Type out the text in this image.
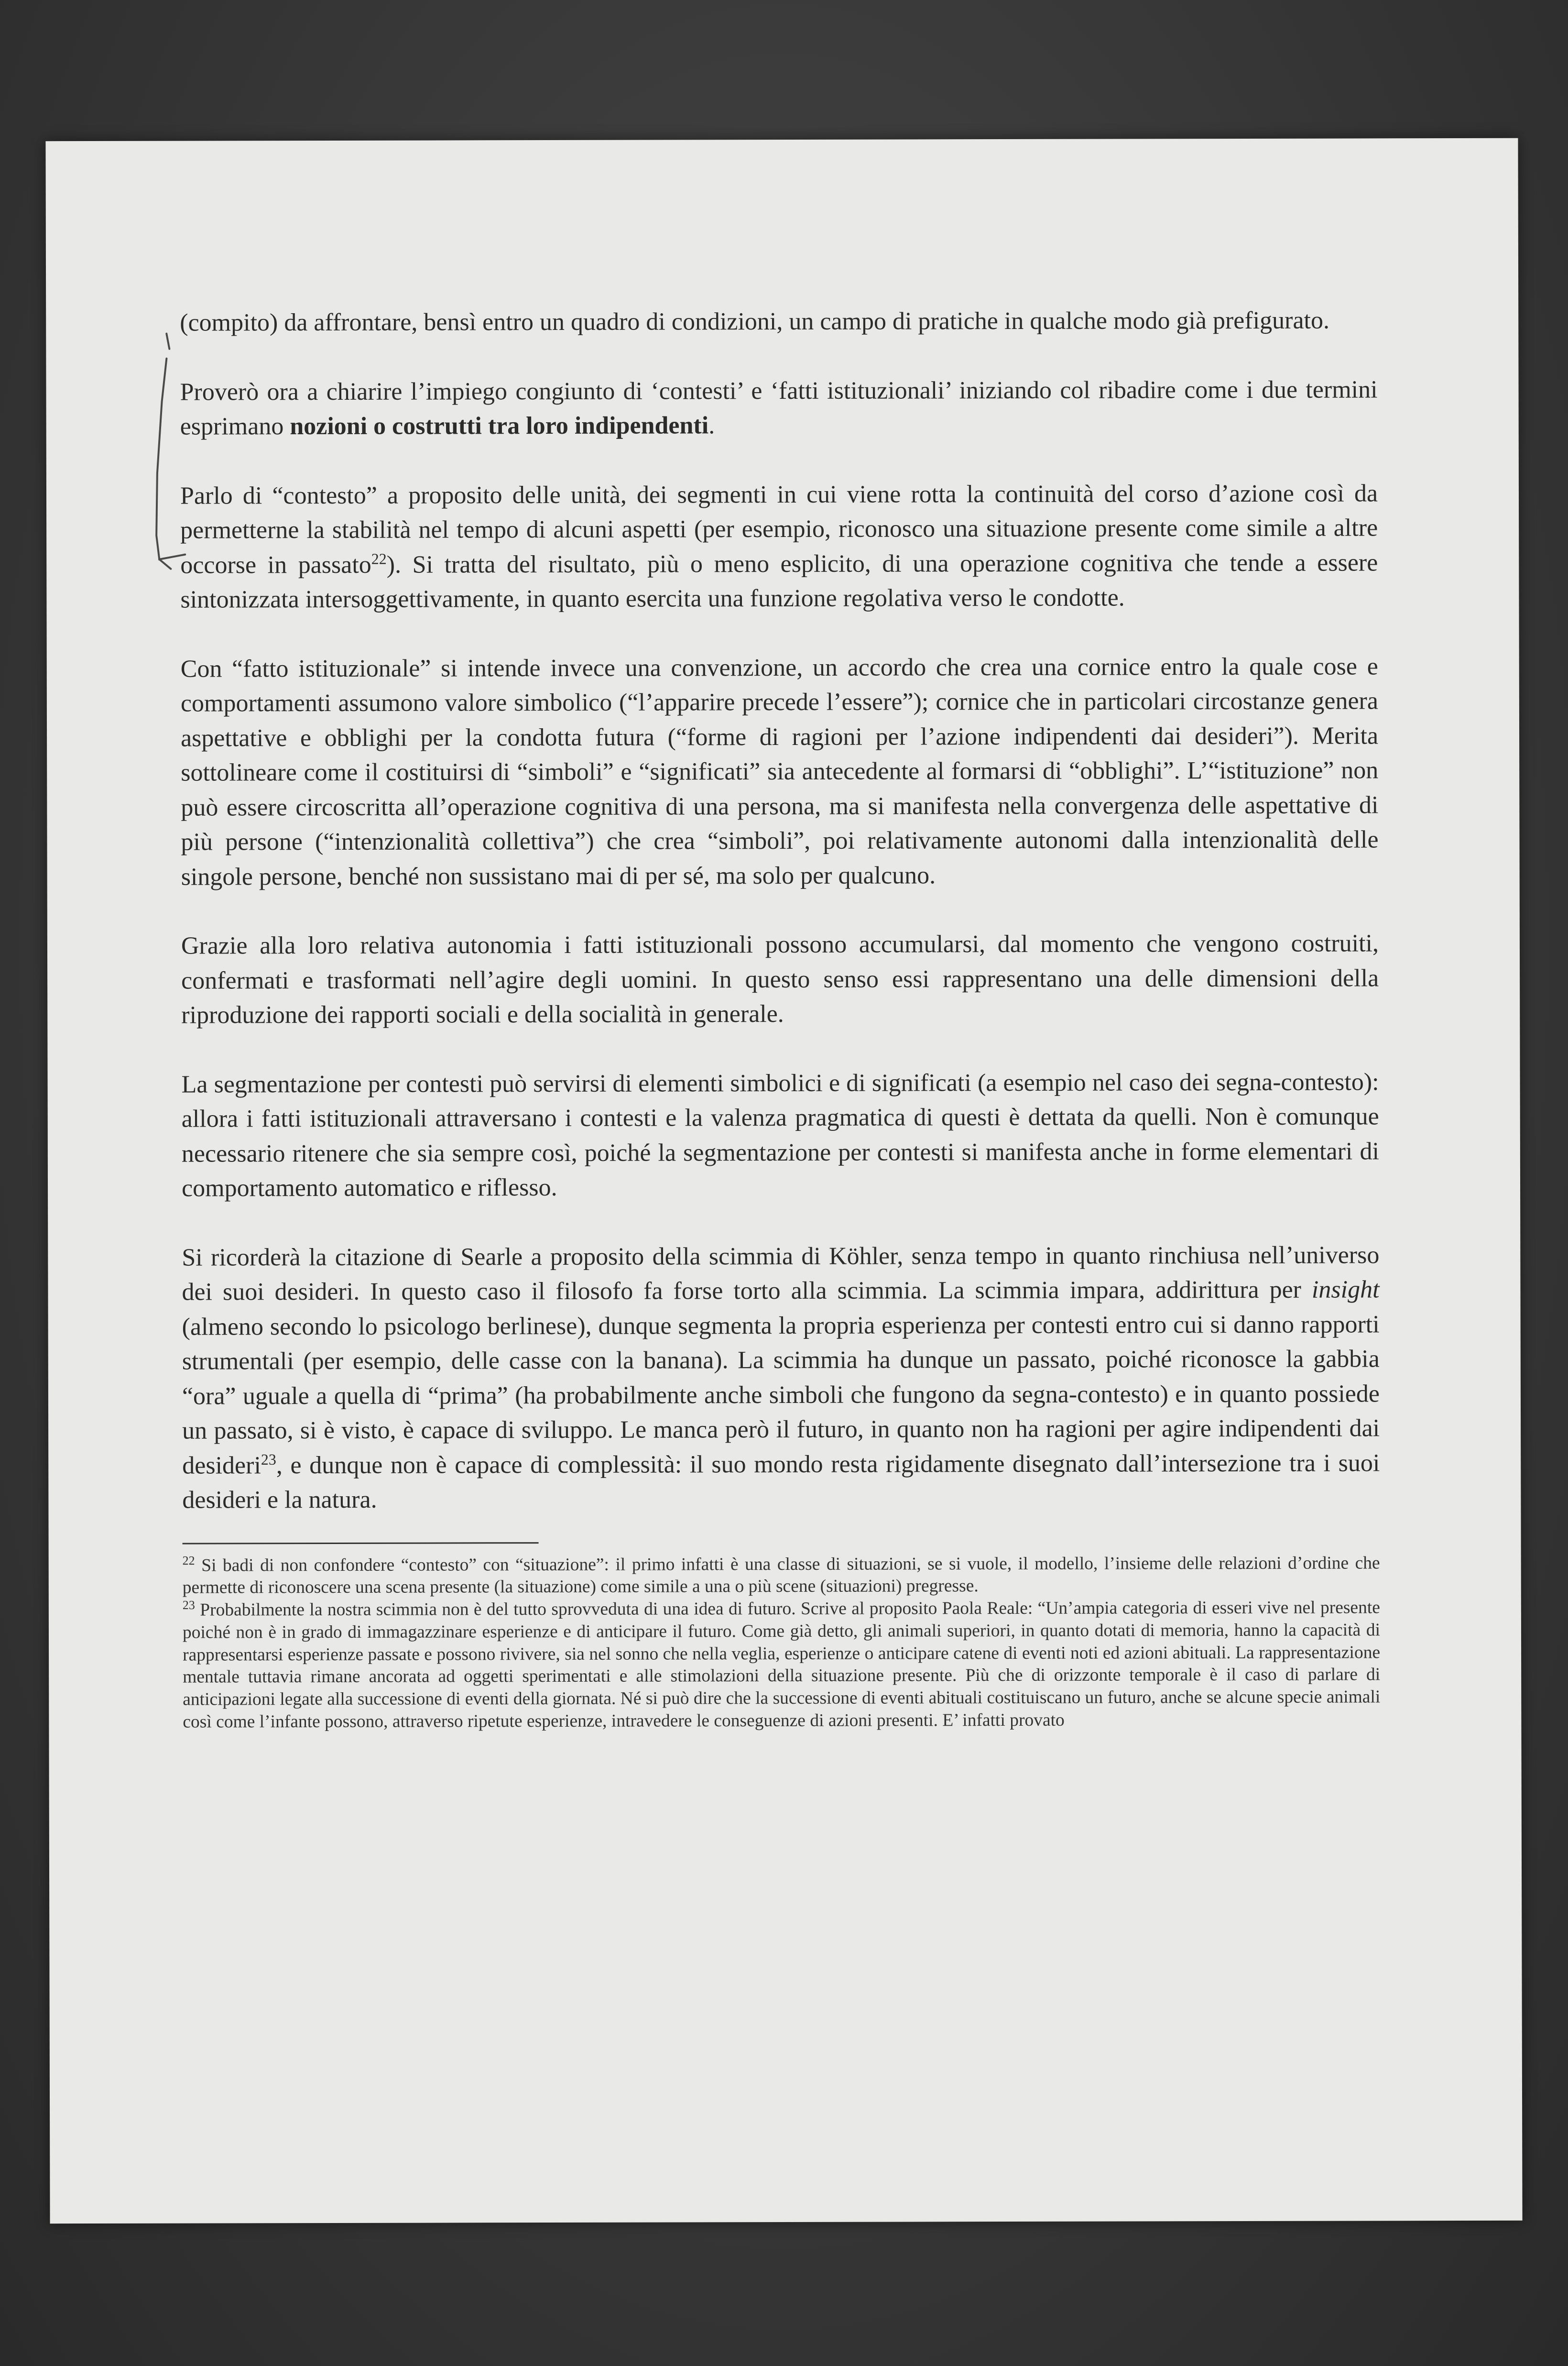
(compito) da affrontare, bensì entro un quadro di condizioni, un campo di pratiche in qualche modo già prefigurato.

Proverò ora a chiarire l’impiego congiunto di ‘contesti’ e ‘fatti istituzionali’ iniziando col ribadire come i due termini esprimano nozioni o costrutti tra loro indipendenti.

Parlo di “contesto” a proposito delle unità, dei segmenti in cui viene rotta la continuità del corso d’azione così da permetterne la stabilità nel tempo di alcuni aspetti (per esempio, riconosco una situazione presente come simile a altre occorse in passato$^{22}$). Si tratta del risultato, più o meno esplicito, di una operazione cognitiva che tende a essere sintonizzata intersoggettivamente, in quanto esercita una funzione regolativa verso le condotte.

Con “fatto istituzionale” si intende invece una convenzione, un accordo che crea una cornice entro la quale cose e comportamenti assumono valore simbolico (“l’apparire precede l’essere”); cornice che in particolari circostanze genera aspettative e obblighi per la condotta futura (“forme di ragioni per l’azione indipendenti dai desideri”). Merita sottolineare come il costituirsi di “simboli” e “significati” sia antecedente al formarsi di “obblighi”. L’“istituzione” non può essere circoscritta all’operazione cognitiva di una persona, ma si manifesta nella convergenza delle aspettative di più persone (“intenzionalità collettiva”) che crea “simboli”, poi relativamente autonomi dalla intenzionalità delle singole persone, benché non sussistano mai di per sé, ma solo per qualcuno.

Grazie alla loro relativa autonomia i fatti istituzionali possono accumularsi, dal momento che vengono costruiti, confermati e trasformati nell’agire degli uomini. In questo senso essi rappresentano una delle dimensioni della riproduzione dei rapporti sociali e della socialità in generale.

La segmentazione per contesti può servirsi di elementi simbolici e di significati (a esempio nel caso dei segna-contesto): allora i fatti istituzionali attraversano i contesti e la valenza pragmatica di questi è dettata da quelli. Non è comunque necessario ritenere che sia sempre così, poiché la segmentazione per contesti si manifesta anche in forme elementari di comportamento automatico e riflesso.

Si ricorderà la citazione di Searle a proposito della scimmia di Köhler, senza tempo in quanto rinchiusa nell’universo dei suoi desideri. In questo caso il filosofo fa forse torto alla scimmia. La scimmia impara, addirittura per insight (almeno secondo lo psicologo berlinese), dunque segmenta la propria esperienza per contesti entro cui si danno rapporti strumentali (per esempio, delle casse con la banana). La scimmia ha dunque un passato, poiché riconosce la gabbia “ora” uguale a quella di “prima” (ha probabilmente anche simboli che fungono da segna-contesto) e in quanto possiede un passato, si è visto, è capace di sviluppo. Le manca però il futuro, in quanto non ha ragioni per agire indipendenti dai desideri$^{23}$, e dunque non è capace di complessità: il suo mondo resta rigidamente disegnato dall’intersezione tra i suoi desideri e la natura.

$^{22}$ Si badi di non confondere “contesto” con “situazione”: il primo infatti è una classe di situazioni, se si vuole, il modello, l’insieme delle relazioni d’ordine che permette di riconoscere una scena presente (la situazione) come simile a una o più scene (situazioni) pregresse.

$^{23}$ Probabilmente la nostra scimmia non è del tutto sprovveduta di una idea di futuro. Scrive al proposito Paola Reale: “Un’ampia categoria di esseri vive nel presente poiché non è in grado di immagazzinare esperienze e di anticipare il futuro. Come già detto, gli animali superiori, in quanto dotati di memoria, hanno la capacità di rappresentarsi esperienze passate e possono rivivere, sia nel sonno che nella veglia, esperienze o anticipare catene di eventi noti ed azioni abituali. La rappresentazione mentale tuttavia rimane ancorata ad oggetti sperimentati e alle stimolazioni della situazione presente. Più che di orizzonte temporale è il caso di parlare di anticipazioni legate alla successione di eventi della giornata. Né si può dire che la successione di eventi abituali costituiscano un futuro, anche se alcune specie animali così come l’infante possono, attraverso ripetute esperienze, intravedere le conseguenze di azioni presenti. E’ infatti provato
